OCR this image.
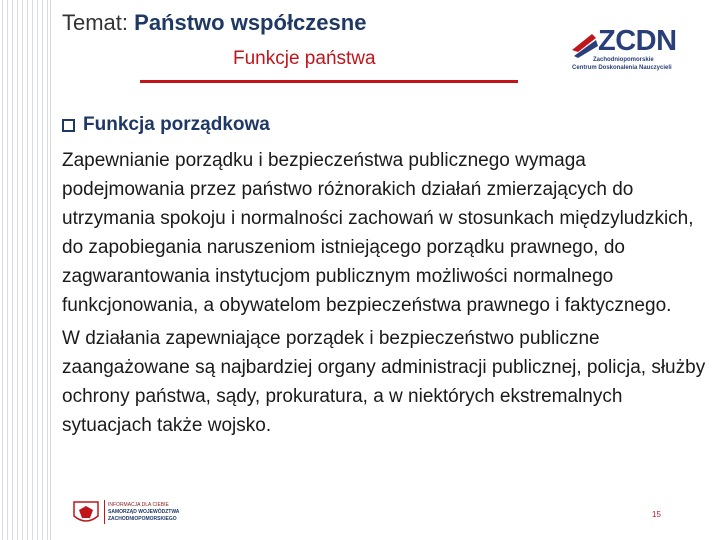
Temat: Państwo współczesne
Funkcje państwa
ZCDN
Zachodniopomorskie
Centrum Doskonalenia Nauczycieli
Funkcja porządkowa

Zapewnianie porządku i bezpieczeństwa publicznego wymaga podejmowania przez państwo różnorakich działań zmierzających do utrzymania spokoju i normalności zachowań w stosunkach międzyludzkich, do zapobiegania naruszeniom istniejącego porządku prawnego, do zagwarantowania instytucjom publicznym możliwości normalnego funkcjonowania, a obywatelom bezpieczeństwa prawnego i faktycznego.

W działania zapewniające porządek i bezpieczeństwo publiczne zaangażowane są najbardziej organy administracji publicznej, policja, służby ochrony państwa, sądy, prokuratura, a w niektórych ekstremalnych sytuacjach także wojsko.

INFORMACJA DLA CIEBIE
SAMORZĄD WOJEWÓDZTWA
ZACHODNIOPOMORSKIEGO	15
